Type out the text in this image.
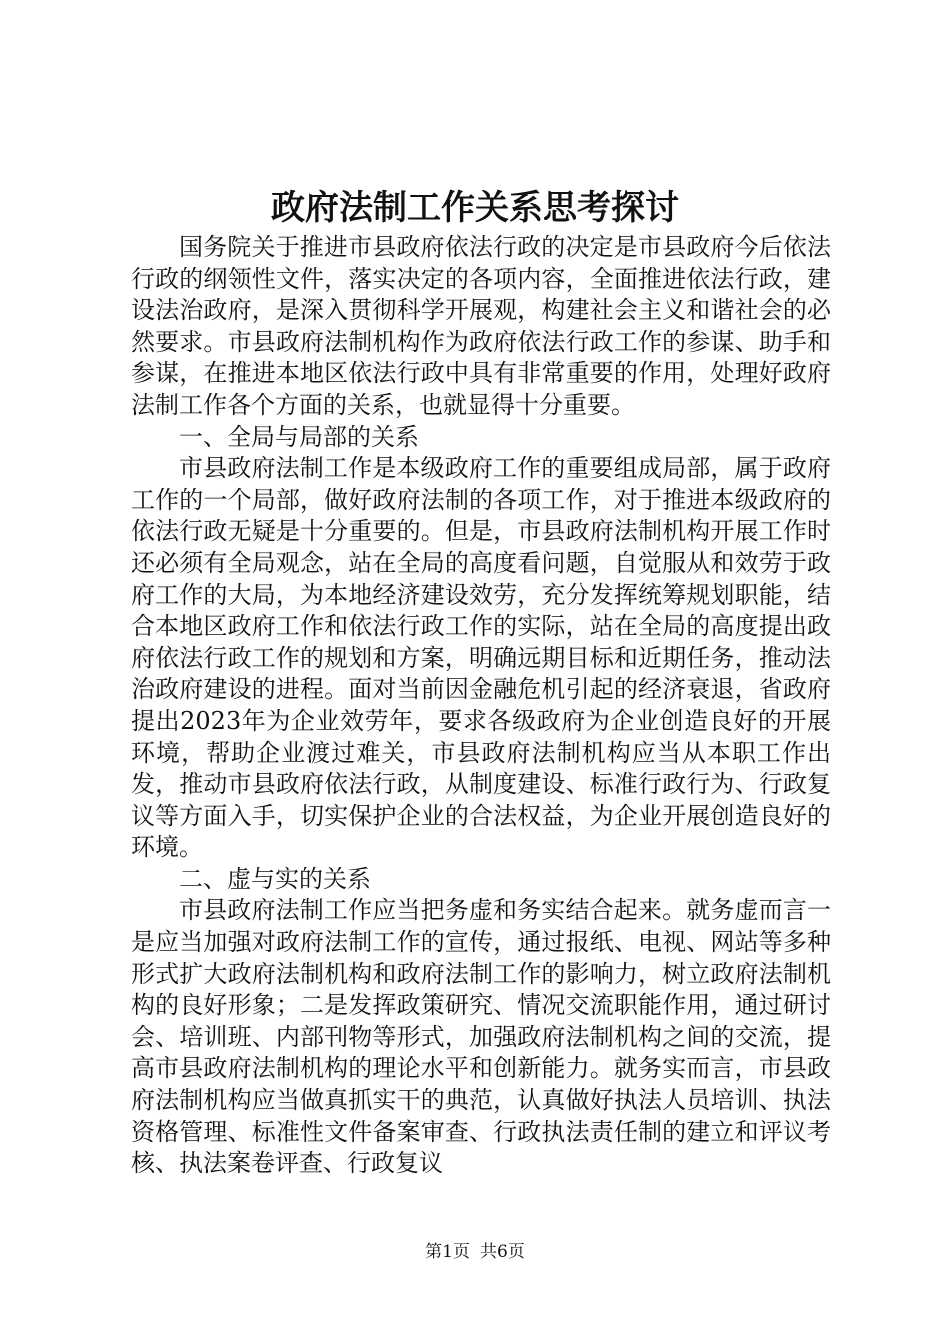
政府法制工作关系思考探讨

国务院关于推进市县政府依法行政的决定是市县政府今后依法行政的纲领性文件，落实决定的各项内容，全面推进依法行政，建设法治政府，是深入贯彻科学开展观，构建社会主义和谐社会的必然要求。市县政府法制机构作为政府依法行政工作的参谋、助手和参谋，在推进本地区依法行政中具有非常重要的作用，处理好政府法制工作各个方面的关系，也就显得十分重要。

一、全局与局部的关系

市县政府法制工作是本级政府工作的重要组成局部，属于政府工作的一个局部，做好政府法制的各项工作，对于推进本级政府的依法行政无疑是十分重要的。但是，市县政府法制机构开展工作时还必须有全局观念，站在全局的高度看问题，自觉服从和效劳于政府工作的大局，为本地经济建设效劳，充分发挥统筹规划职能，结合本地区政府工作和依法行政工作的实际，站在全局的高度提出政府依法行政工作的规划和方案，明确远期目标和近期任务，推动法治政府建设的进程。面对当前因金融危机引起的经济衰退，省政府提出2023年为企业效劳年，要求各级政府为企业创造良好的开展环境，帮助企业渡过难关，市县政府法制机构应当从本职工作出发，推动市县政府依法行政，从制度建设、标准行政行为、行政复议等方面入手，切实保护企业的合法权益，为企业开展创造良好的环境。

二、虚与实的关系

市县政府法制工作应当把务虚和务实结合起来。就务虚而言一是应当加强对政府法制工作的宣传，通过报纸、电视、网站等多种形式扩大政府法制机构和政府法制工作的影响力，树立政府法制机构的良好形象；二是发挥政策研究、情况交流职能作用，通过研讨会、培训班、内部刊物等形式，加强政府法制机构之间的交流，提高市县政府法制机构的理论水平和创新能力。就务实而言，市县政府法制机构应当做真抓实干的典范，认真做好执法人员培训、执法资格管理、标准性文件备案审查、行政执法责任制的建立和评议考核、执法案卷评查、行政复议

第1页 共6页
